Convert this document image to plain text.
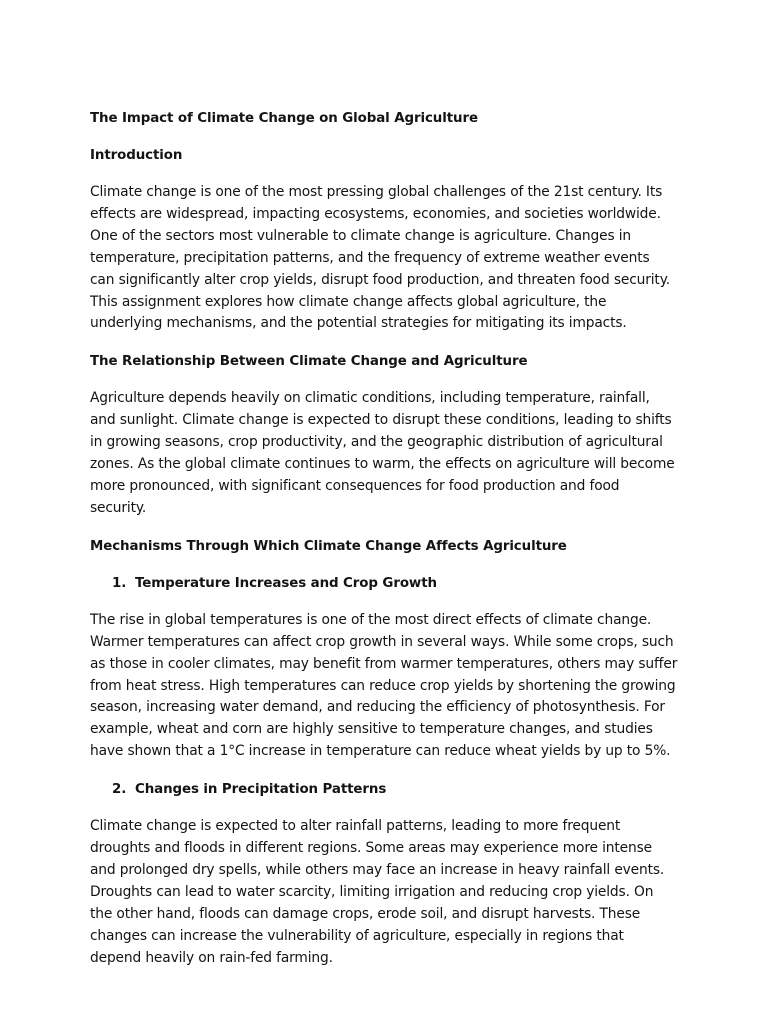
The Impact of Climate Change on Global Agriculture

Introduction

Climate change is one of the most pressing global challenges of the 21st century. Its effects are widespread, impacting ecosystems, economies, and societies worldwide. One of the sectors most vulnerable to climate change is agriculture. Changes in temperature, precipitation patterns, and the frequency of extreme weather events can significantly alter crop yields, disrupt food production, and threaten food security. This assignment explores how climate change affects global agriculture, the underlying mechanisms, and the potential strategies for mitigating its impacts.

The Relationship Between Climate Change and Agriculture

Agriculture depends heavily on climatic conditions, including temperature, rainfall, and sunlight. Climate change is expected to disrupt these conditions, leading to shifts in growing seasons, crop productivity, and the geographic distribution of agricultural zones. As the global climate continues to warm, the effects on agriculture will become more pronounced, with significant consequences for food production and food security.

Mechanisms Through Which Climate Change Affects Agriculture

1. Temperature Increases and Crop Growth

The rise in global temperatures is one of the most direct effects of climate change. Warmer temperatures can affect crop growth in several ways. While some crops, such as those in cooler climates, may benefit from warmer temperatures, others may suffer from heat stress. High temperatures can reduce crop yields by shortening the growing season, increasing water demand, and reducing the efficiency of photosynthesis. For example, wheat and corn are highly sensitive to temperature changes, and studies have shown that a 1°C increase in temperature can reduce wheat yields by up to 5%.

2. Changes in Precipitation Patterns

Climate change is expected to alter rainfall patterns, leading to more frequent droughts and floods in different regions. Some areas may experience more intense and prolonged dry spells, while others may face an increase in heavy rainfall events. Droughts can lead to water scarcity, limiting irrigation and reducing crop yields. On the other hand, floods can damage crops, erode soil, and disrupt harvests. These changes can increase the vulnerability of agriculture, especially in regions that depend heavily on rain-fed farming.
